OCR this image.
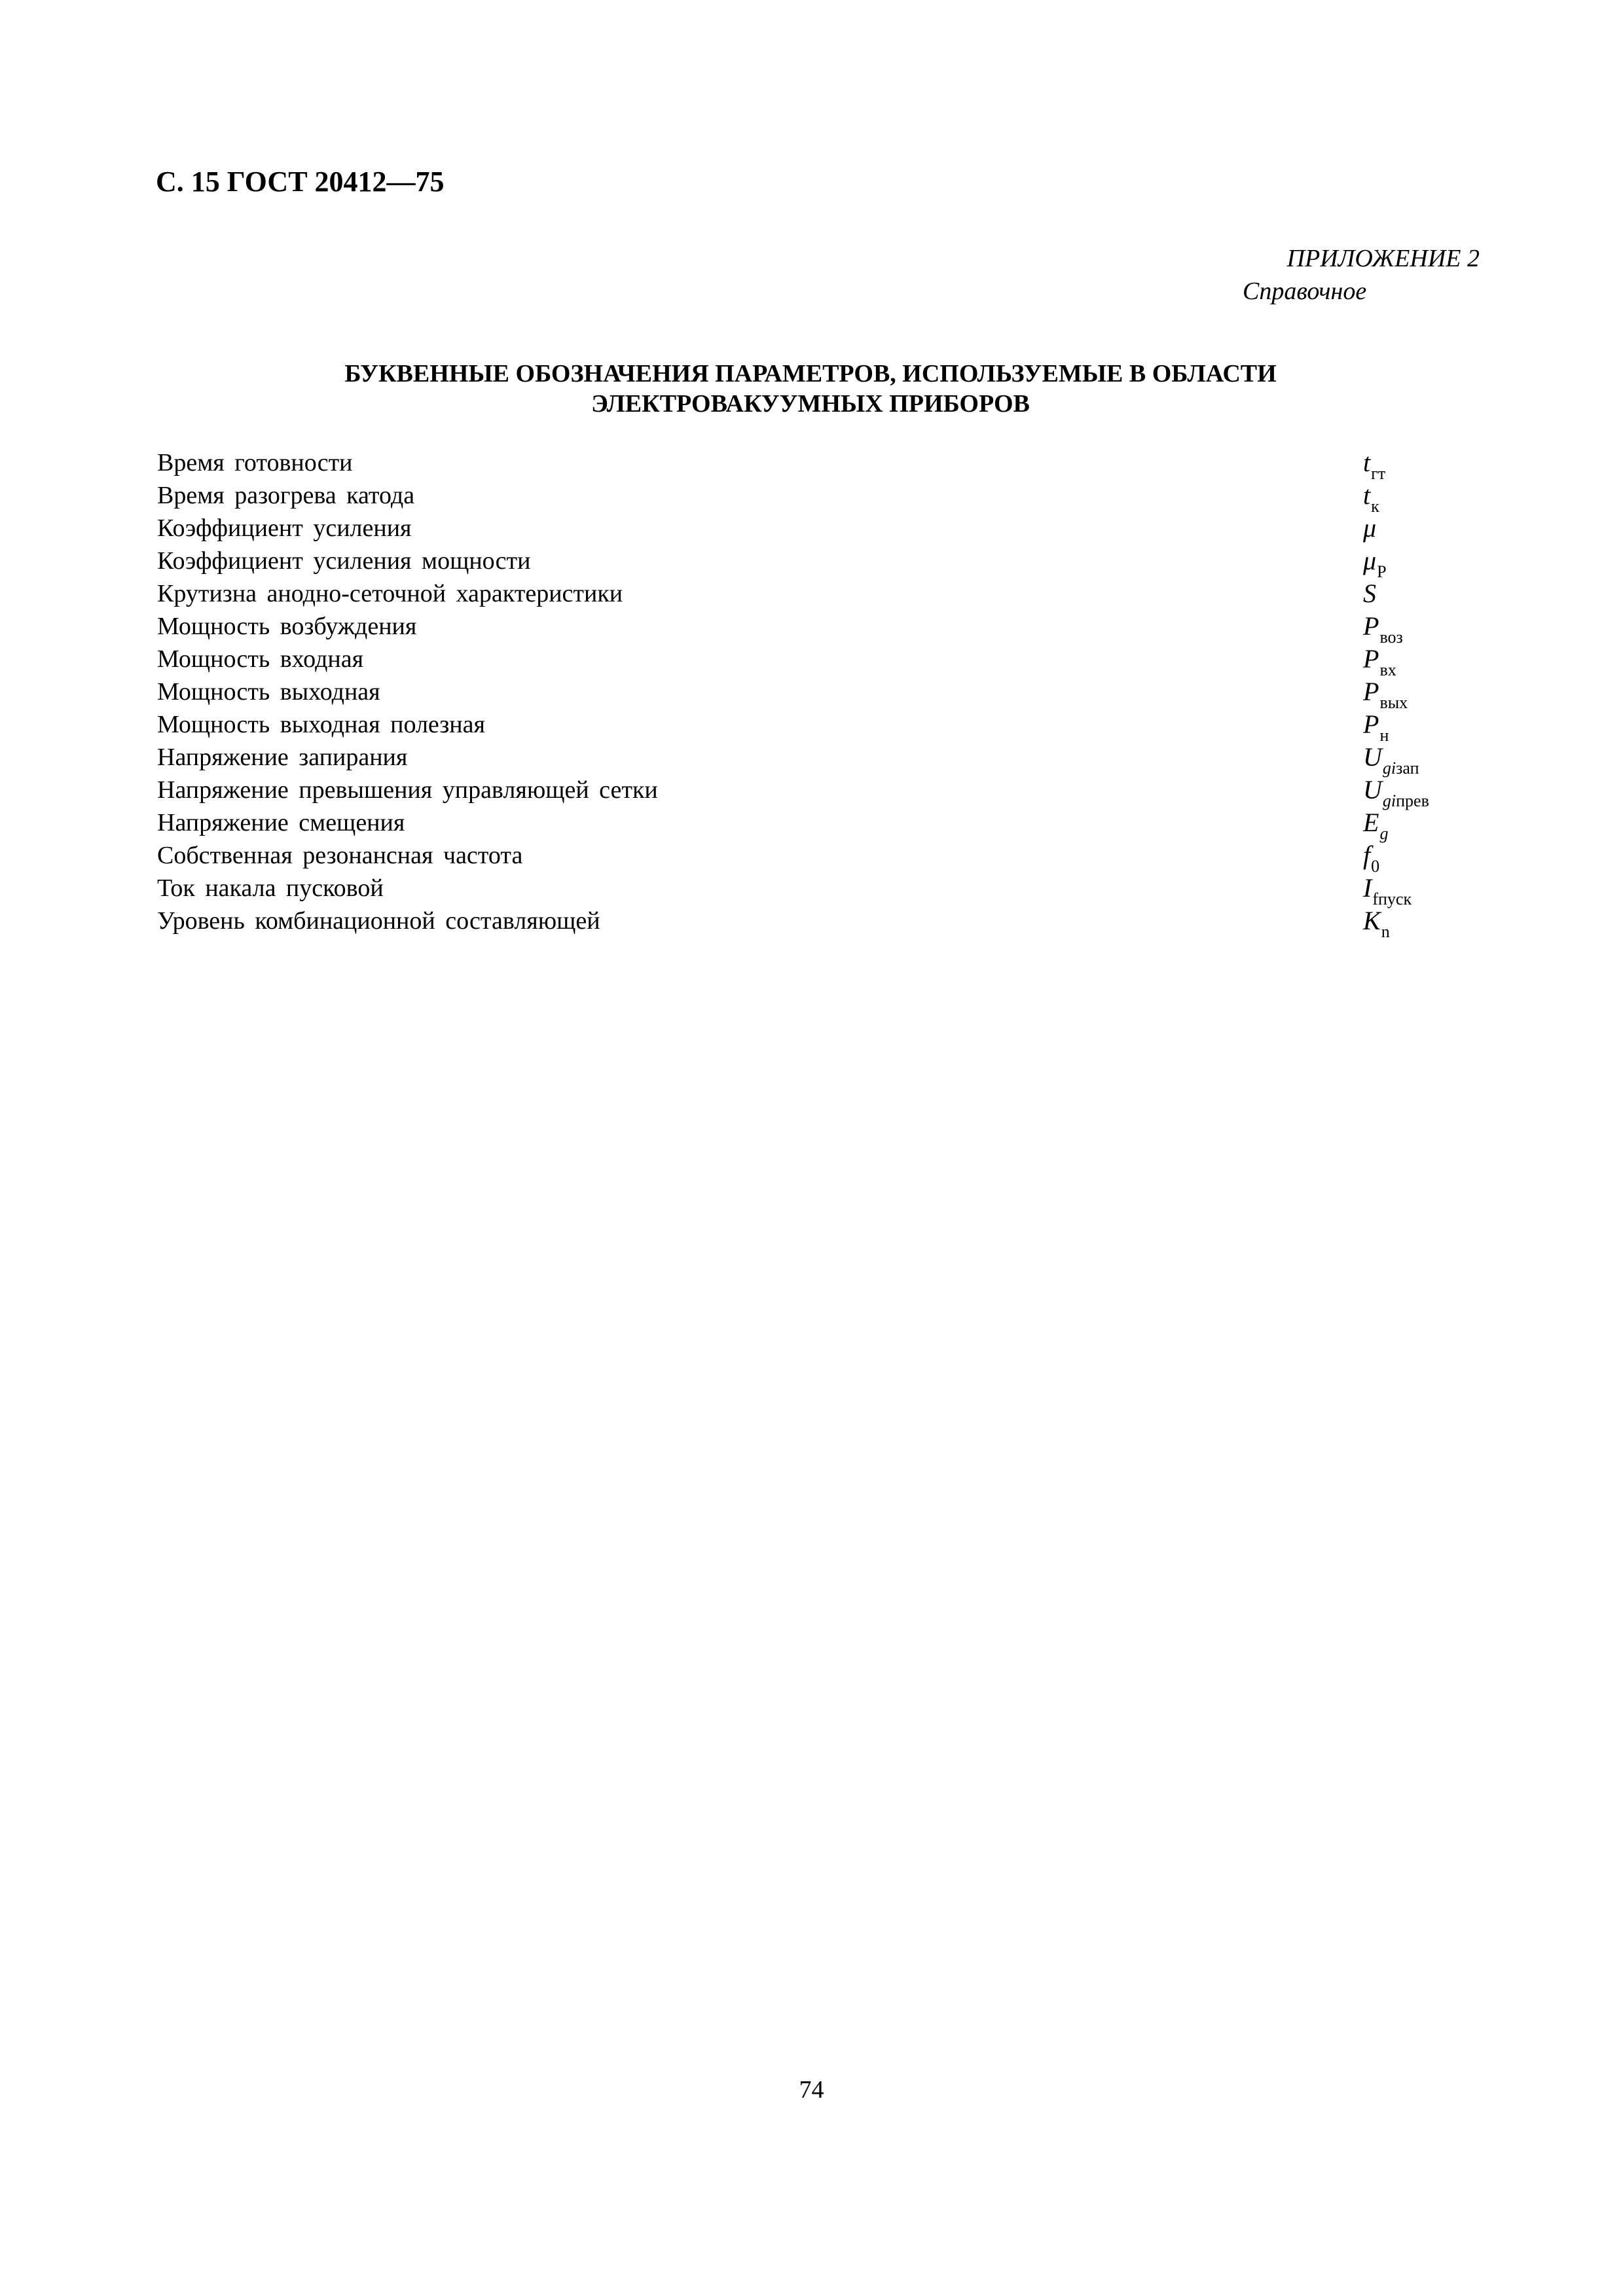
С. 15 ГОСТ 20412—75
ПРИЛОЖЕНИЕ 2
Справочное
БУКВЕННЫЕ ОБОЗНАЧЕНИЯ ПАРАМЕТРОВ, ИСПОЛЬЗУЕМЫЕ В ОБЛАСТИ
ЭЛЕКТРОВАКУУМНЫХ ПРИБОРОВ
Время готовности	$t_{гт}$
Время разогрева катода	$t_к$
Коэффициент усиления	μ
Коэффициент усиления мощности	$\mu_P$
Крутизна анодно-сеточной характеристики	S
Мощность возбуждения	$P_{воз}$
Мощность входная	$P_{вх}$
Мощность выходная	$P_{вых}$
Мощность выходная полезная	$P_н$
Напряжение запирания	$U_{giзап}$
Напряжение превышения управляющей сетки	$U_{giпрев}$
Напряжение смещения	$E_g$
Собственная резонансная частота	$f_0$
Ток накала пусковой	$I_{fпуск}$
Уровень комбинационной составляющей	$K_n$
74
